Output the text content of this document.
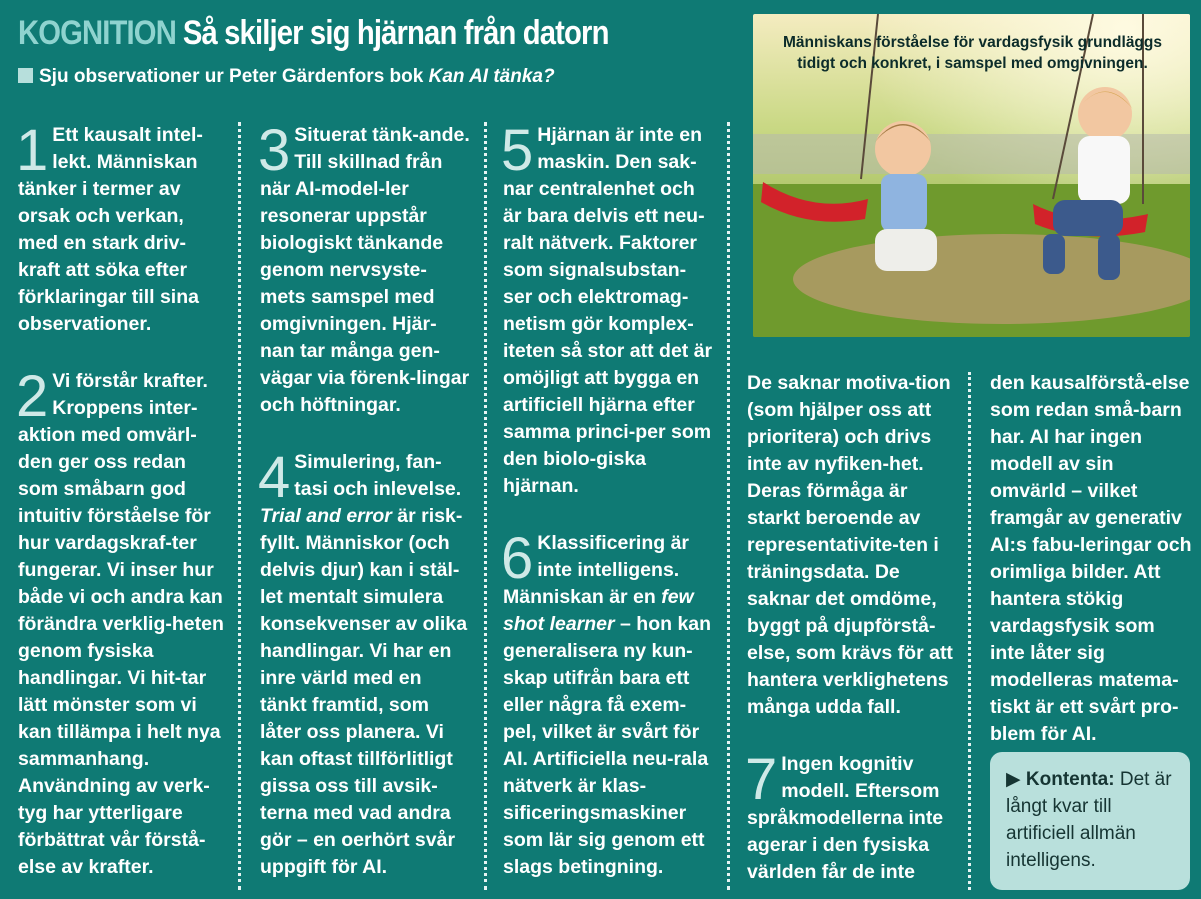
KOGNITION Så skiljer sig hjärnan från datorn
Sju observationer ur Peter Gärdenfors bok Kan AI tänka?

1 Ett kausalt intel-lekt. Människan tänker i termer av orsak och verkan, med en stark driv-kraft att söka efter förklaringar till sina observationer.

2 Vi förstår krafter. Kroppens inter-aktion med omvärl-den ger oss redan som småbarn god intuitiv förståelse för hur vardagskraf-ter fungerar. Vi inser hur både vi och andra kan förändra verklig-heten genom fysiska handlingar. Vi hit-tar lätt mönster som vi kan tillämpa i helt nya sammanhang. Användning av verk-tyg har ytterligare förbättrat vår förstå-else av krafter.

3 Situerat tänk-ande. Till skillnad från när AI-model-ler resonerar uppstår biologiskt tänkande genom nervsyste-mets samspel med omgivningen. Hjär-nan tar många gen-vägar via förenk-lingar och höftningar.

4 Simulering, fan-tasi och inlevelse. Trial and error är risk-fyllt. Människor (och delvis djur) kan i stäl-let mentalt simulera konsekvenser av olika handlingar. Vi har en inre värld med en tänkt framtid, som låter oss planera. Vi kan oftast tillförlitligt gissa oss till avsik-terna med vad andra gör – en oerhört svår uppgift för AI.

5 Hjärnan är inte en maskin. Den sak-nar centralenhet och är bara delvis ett neu-ralt nätverk. Faktorer som signalsubstan-ser och elektromag-netism gör komplex-iteten så stor att det är omöjligt att bygga en artificiell hjärna efter samma princi-per som den biolo-giska hjärnan.

6 Klassificering är inte intelligens. Människan är en few shot learner – hon kan generalisera ny kun-skap utifrån bara ett eller några få exem-pel, vilket är svårt för AI. Artificiella neu-rala nätverk är klas-sificeringsmaskiner som lär sig genom ett slags betingning.

Människans förståelse för vardagsfysik grundläggs tidigt och konkret, i samspel med omgivningen.

De saknar motiva-tion (som hjälper oss att prioritera) och drivs inte av nyfiken-het. Deras förmåga är starkt beroende av representativite-ten i träningsdata. De saknar det omdöme, byggt på djupförstå-else, som krävs för att hantera verklighetens många udda fall.

7 Ingen kognitiv modell. Eftersom språkmodellerna inte agerar i den fysiska världen får de inte

den kausalförstå-else som redan små-barn har. AI har ingen modell av sin omvärld – vilket framgår av generativ AI:s fabu-leringar och orimliga bilder. Att hantera stökig vardagsfysik som inte låter sig modelleras matema-tiskt är ett svårt pro-blem för AI.

▶ Kontenta: Det är långt kvar till artificiell allmän intelligens.
